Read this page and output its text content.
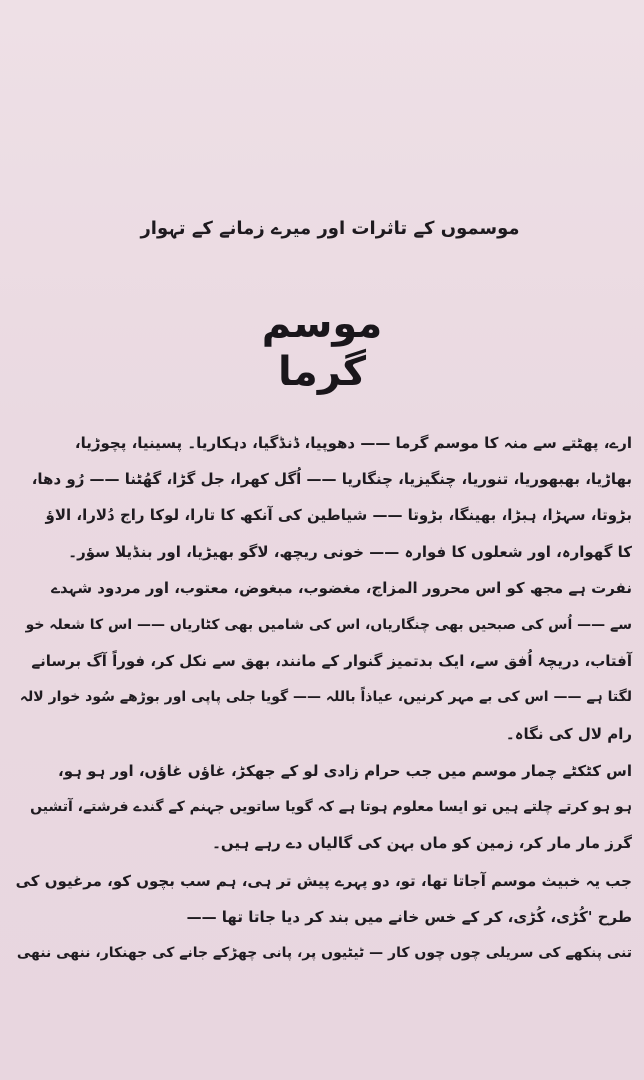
موسموں کے تاثرات اور میرے زمانے کے تہوار
موسم گرما
ارے، پھٹتے سے منہ کا موسم گرما —— دھوپیا، ڈنڈگیا، دہکاریا۔ پسینیا، پچوڑیا،
بھاڑیا، بھبھوریا، تنوریا، چنگیزیا، چنگاریا —— اُگل کھرا، جل گڑا، گھُٹنا —— رُو دھا،
بڑوتا، سہڑا، ہبڑا، بھینگا، بڑوتا —— شیاطین کی آنکھ کا تارا، لوکا راج دُلارا، الاؤ
کا گھوارہ، اور شعلوں کا فوارہ —— خونی ریچھ، لاگو بھیڑیا، اور بنڈیلا سؤر۔
نفرت ہے مجھ کو اس محرور المزاج، مغضوب، مبغوض، معتوب، اور مردود شہدے
سے —— اُس کی صبحیں بھی چنگاریاں، اس کی شامیں بھی کٹاریاں —— اس کا شعلہ خو
آفتاب، دریچۂ اُفق سے، ایک بدتمیز گنوار کے مانند، بھق سے نکل کر، فوراً آگ برسانے
لگتا ہے —— اس کی بے مہر کرنیں، عیاذاً باللہ —— گویا جلی پاپی اور بوڑھے سُود خوار لالہ
رام لال کی نگاہ۔
اس کٹکٹے چمار موسم میں جب حرام زادی لو کے جھکڑ، غاؤں غاؤں، اور ہو ہو،
ہو ہو کرتے چلتے ہیں تو ایسا معلوم ہوتا ہے کہ گویا ساتویں جہنم کے گندے فرشتے، آتشیں
گرز مار مار کر، زمین کو ماں بہن کی گالیاں دے رہے ہیں۔
جب یہ خبیث موسم آجاتا تھا، تو، دو پہرے پیش تر ہی، ہم سب بچوں کو، مرغیوں کی
طرح 'کُڑی، کُڑی، کر کے خس خانے میں بند کر دیا جاتا تھا ——
تنی پنکھے کی سریلی چوں چوں کار — ٹیٹیوں پر، پانی چھڑکے جانے کی جھنکار، ننھی ننھی
